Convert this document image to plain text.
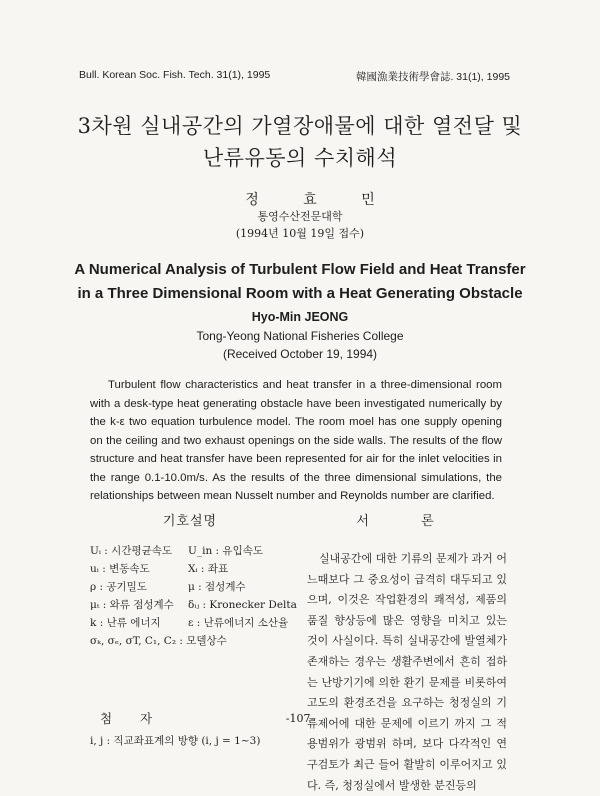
Bull. Korean Soc. Fish. Tech. 31(1), 1995	韓國漁業技術學會誌. 31(1), 1995
3차원 실내공간의 가열장애물에 대한 열전달 및
난류유동의 수치해석
정 효 민
통영수산전문대학
(1994년 10월 19일 접수)
A Numerical Analysis of Turbulent Flow Field and Heat Transfer
in a Three Dimensional Room with a Heat Generating Obstacle
Hyo-Min JEONG
Tong-Yeong National Fisheries College
(Received October 19, 1994)
Turbulent flow characteristics and heat transfer in a three-dimensional room with a desk-type heat generating obstacle have been investigated numerically by the k-ε two equation turbulence model. The room moel has one supply opening on the ceiling and two exhaust openings on the side walls. The results of the flow structure and heat transfer have been represented for air for the inlet velocities in the range 0.1-10.0m/s. As the results of the three dimensional simulations, the relationships between mean Nusselt number and Reynolds number are clarified.
기호설명
Uᵢ : 시간평균속도 U_in : 유입속도
uᵢ : 변동속도	Xᵢ : 좌표
ρ : 공기밀도	μ : 점성계수
μₜ : 와류 점성계수 δᵢⱼ : Kronecker Delta
k : 난류 에너지	ε : 난류에너지 소산율
σₖ, σₑ, σT, C₁, C₂ : 모델상수
첨 자
i, j : 직교좌표계의 방향 (i, j = 1~3)
서 론
실내공간에 대한 기류의 문제가 과거 어느때보다 그 중요성이 급격히 대두되고 있으며, 이것은 작업환경의 쾌적성, 제품의 품질 향상등에 많은 영향을 미치고 있는 것이 사실이다. 특히 실내공간에 발열체가 존재하는 경우는 생활주변에서 흔히 접하는 난방기기에 의한 환기 문제를 비롯하여 고도의 환경조건을 요구하는 청정실의 기류제어에 대한 문제에 이르기 까지 그 적용범위가 광범위 하며, 보다 다각적인 연구검토가 최근 들어 활발히 이루어지고 있다. 즉, 청정실에서 발생한 분진등의
-107-
